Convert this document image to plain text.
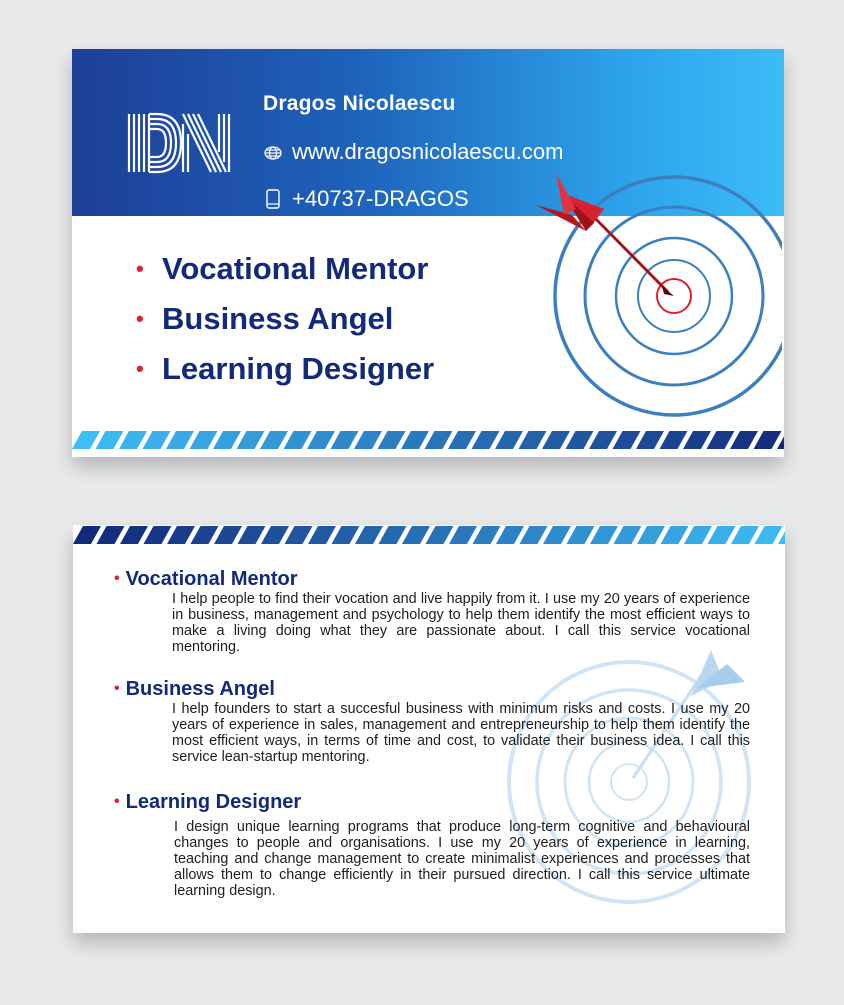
Dragos Nicolaescu
www.dragosnicolaescu.com
+40737-DRAGOS
• Vocational Mentor
• Business Angel
• Learning Designer
• Vocational Mentor
I help people to find their vocation and live happily from it. I use my 20 years of experience in business, management and psychology to help them identify the most efficient ways to make a living doing what they are passionate about. I call this service vocational mentoring.
• Business Angel
I help founders to start a succesful business with minimum risks and costs. I use my 20 years of experience in sales, management and entrepreneurship to help them identify the most efficient ways, in terms of time and cost, to validate their business idea. I call this service lean-startup mentoring.
• Learning Designer
I design unique learning programs that produce long-term cognitive and behavioural changes to people and organisations. I use my 20 years of experience in learning, teaching and change management to create minimalist experiences and processes that allows them to change efficiently in their pursued direction. I call this service ultimate learning design.
